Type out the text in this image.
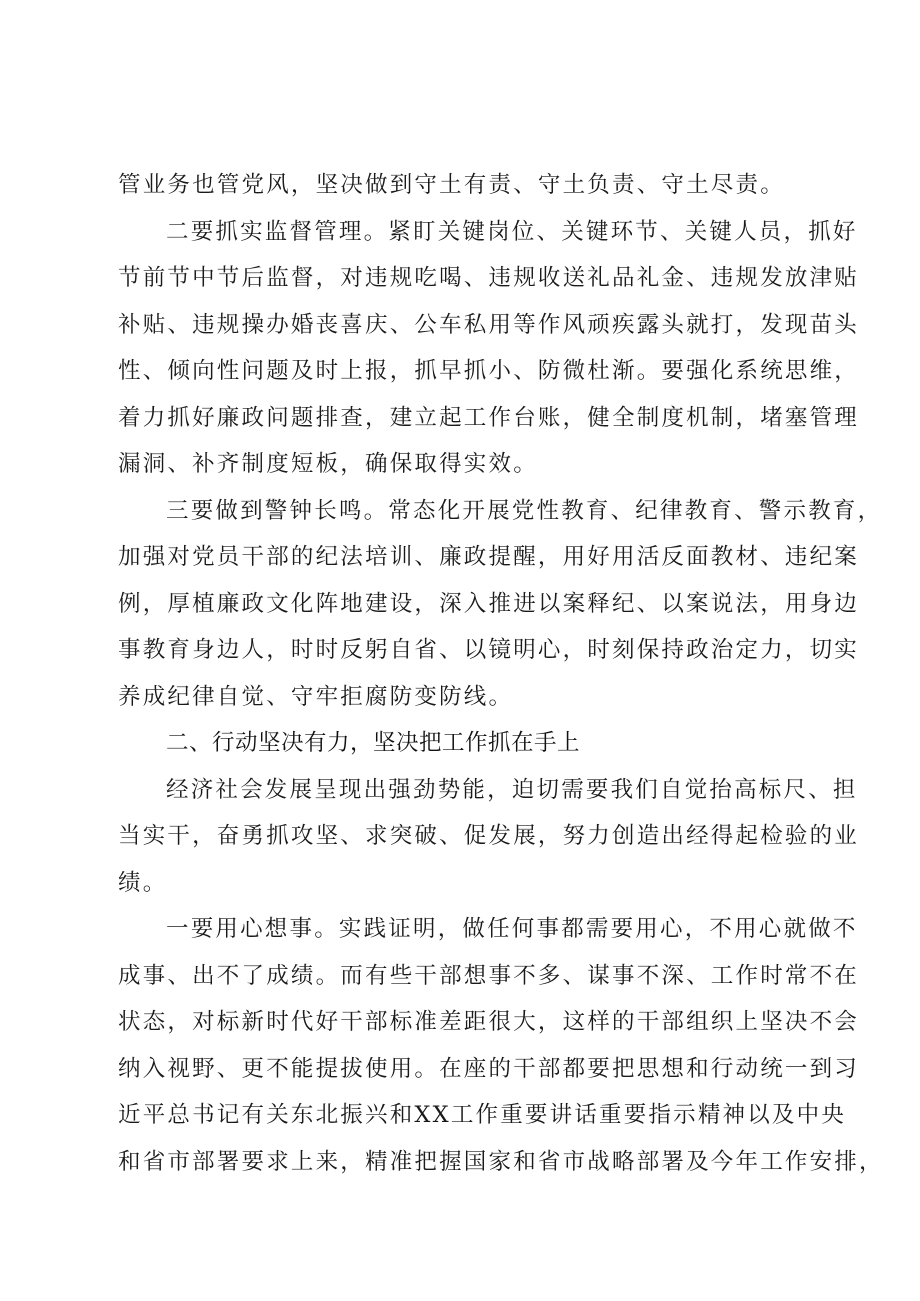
管业务也管党风，坚决做到守土有责、守土负责、守土尽责。
二要抓实监督管理。紧盯关键岗位、关键环节、关键人员，抓好
节前节中节后监督，对违规吃喝、违规收送礼品礼金、违规发放津贴
补贴、违规操办婚丧喜庆、公车私用等作风顽疾露头就打，发现苗头
性、倾向性问题及时上报，抓早抓小、防微杜渐。要强化系统思维，
着力抓好廉政问题排查，建立起工作台账，健全制度机制，堵塞管理
漏洞、补齐制度短板，确保取得实效。
三要做到警钟长鸣。常态化开展党性教育、纪律教育、警示教育，
加强对党员干部的纪法培训、廉政提醒，用好用活反面教材、违纪案
例，厚植廉政文化阵地建设，深入推进以案释纪、以案说法，用身边
事教育身边人，时时反躬自省、以镜明心，时刻保持政治定力，切实
养成纪律自觉、守牢拒腐防变防线。
二、行动坚决有力，坚决把工作抓在手上
经济社会发展呈现出强劲势能，迫切需要我们自觉抬高标尺、担
当实干，奋勇抓攻坚、求突破、促发展，努力创造出经得起检验的业
绩。
一要用心想事。实践证明，做任何事都需要用心，不用心就做不
成事、出不了成绩。而有些干部想事不多、谋事不深、工作时常不在
状态，对标新时代好干部标准差距很大，这样的干部组织上坚决不会
纳入视野、更不能提拔使用。在座的干部都要把思想和行动统一到习
近平总书记有关东北振兴和XX工作重要讲话重要指示精神以及中央
和省市部署要求上来，精准把握国家和省市战略部署及今年工作安排，
